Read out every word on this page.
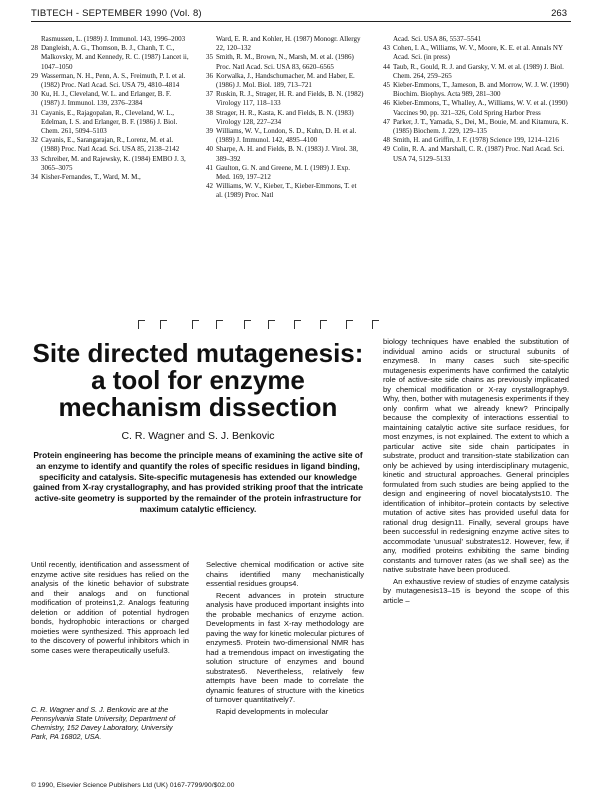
TIBTECH - SEPTEMBER 1990 (Vol. 8)	263
Rasmussen, L. (1989) J. Immunol. 143, 1996–2003
28 Dangleish, A. G., Thomson, B. J., Chanh, T. C., Malkovsky, M. and Kennedy, R. C. (1987) Lancet ii, 1047–1050
29 Wasserman, N. H., Penn, A. S., Freimuth, P. I. et al. (1982) Proc. Natl Acad. Sci. USA 79, 4810–4814
30 Ku, H. J., Cleveland, W. L. and Erlanger, B. F. (1987) J. Immunol. 139, 2376–2384
31 Cayanis, E., Rajagopalan, R., Cleveland, W. L., Edelman, I. S. and Erlanger, B. F. (1986) J. Biol. Chem. 261, 5094–5103
32 Cayanis, E., Sarangarajan, R., Lorenz, M. et al. (1988) Proc. Natl Acad. Sci. USA 85, 2138–2142
33 Schreiber, M. and Rajewsky, K. (1984) EMBO J. 3, 3065–3075
34 Kisher-Fernandes, T., Ward, M. M.,
Ward, E. R. and Kohler, H. (1987) Monogr. Allergy 22, 120–132
35 Smith, R. M., Brown, N., Marsh, M. et al. (1986) Proc. Natl Acad. Sci. USA 83, 6620–6565
36 Korwalka, J., Handschumacher, M. and Haber, E. (1986) J. Mol. Biol. 189, 713–721
37 Ruskin, R. J., Strager, H. R. and Fields, B. N. (1982) Virology 117, 118–133
38 Strager, H. R., Kasta, K. and Fields, B. N. (1983) Virology 128, 227–234
39 Williams, W. V., London, S. D., Kuhn, D. H. et al. (1989) J. Immunol. 142, 4895–4100
40 Sharpe, A. H. and Fields, B. N. (1983) J. Virol. 38, 389–392
41 Gaulton, G. N. and Greene, M. I. (1989) J. Exp. Med. 169, 197–212
42 Williams, W. V., Kieber, T., Kieber-Emmons, T. et al. (1989) Proc. Natl
Acad. Sci. USA 86, 5537–5541
43 Cohen, I. A., Williams, W. V., Moore, K. E. et al. Annals NY Acad. Sci. (in press)
44 Taub, R., Gould, R. J. and Garsky, V. M. et al. (1989) J. Biol. Chem. 264, 259–265
45 Kieber-Emmons, T., Jameson, B. and Morrow, W. J. W. (1990) Biochim. Biophys. Acta 989, 281–300
46 Kieber-Emmons, T., Whalley, A., Williams, W. V. et al. (1990) Vaccines 90, pp. 321–326, Cold Spring Harbor Press
47 Parker, J. T., Yamada, S., Dei, M., Bouie, M. and Kitamura, K. (1985) Biochem. J. 229, 129–135
48 Smith, H. and Griffin, J. F. (1978) Science 199, 1214–1216
49 Colin, R. A. and Marshall, C. R. (1987) Proc. Natl Acad. Sci. USA 74, 5129–5133
Site directed mutagenesis: a tool for enzyme mechanism dissection
C. R. Wagner and S. J. Benkovic
Protein engineering has become the principle means of examining the active site of an enzyme to identify and quantify the roles of specific residues in ligand binding, specificity and catalysis. Site-specific mutagenesis has extended our knowledge gained from X-ray crystallography, and has provided striking proof that the intricate active-site geometry is supported by the remainder of the protein infrastructure for maximum catalytic efficiency.

Until recently, identification and assessment of enzyme active site residues has relied on the analysis of the kinetic behavior of substrate and their analogs and on functional modification of proteins1,2. Analogs featuring deletion or addition of potential hydrogen bonds, hydrophobic interactions or charged moieties were synthesized. This approach led to the discovery of powerful inhibitors which in some cases were therapeutically useful3.

C. R. Wagner and S. J. Benkovic are at the Pennsylvania State University, Department of Chemistry, 152 Davey Laboratory, University Park, PA 16802, USA.

Selective chemical modification or active site chains identified many mechanistically essential residues groups4.

Recent advances in protein structure analysis have produced important insights into the probable mechanics of enzyme action. Developments in fast X-ray methodology are paving the way for kinetic molecular pictures of enzymes5. Protein two-dimensional NMR has had a tremendous impact on investigating the solution structure of enzymes and bound substrates6. Nevertheless, relatively few attempts have been made to correlate the dynamic features of structure with the kinetics of turnover quantitatively7.

Rapid developments in molecular

biology techniques have enabled the substitution of individual amino acids or structural subunits of enzymes8. In many cases such site-specific mutagenesis experiments have confirmed the catalytic role of active-site side chains as previously implicated by chemical modification or X-ray crystallography9. Why, then, bother with mutagenesis experiments if they only confirm what we already knew? Principally because the complexity of interactions essential to maintaining catalytic active site surface residues, for most enzymes, is not explained. The extent to which a particular active site side chain participates in substrate, product and transition-state stabilization can only be achieved by using interdisciplinary mutagenic, kinetic and structural approaches. General principles formulated from such studies are being applied to the design and engineering of novel biocatalysts10. The identification of inhibitor–protein contacts by selective mutation of active sites has provided useful data for rational drug design11. Finally, several groups have been successful in redesigning enzyme active sites to accommodate 'unusual' substrates12. However, few, if any, modified proteins exhibiting the same binding constants and turnover rates (as we shall see) as the native substrate have been produced.

An exhaustive review of studies of enzyme catalysis by mutagenesis13–15 is beyond the scope of this article –

© 1990, Elsevier Science Publishers Ltd (UK) 0167-7799/90/$02.00
